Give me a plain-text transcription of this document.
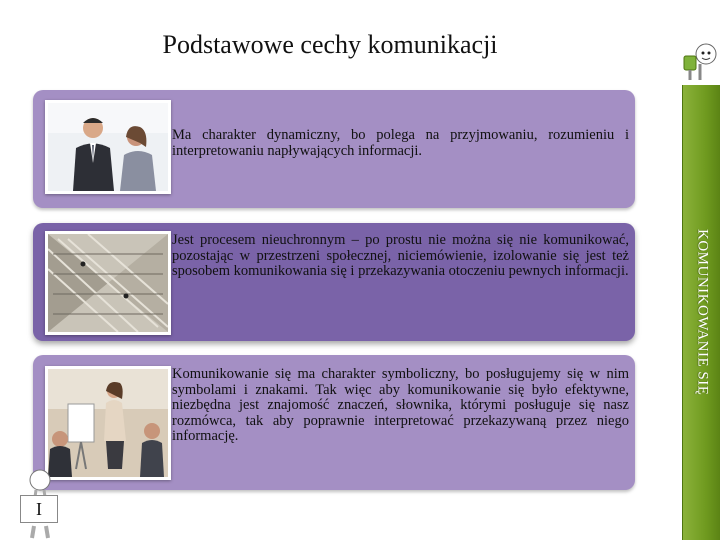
Podstawowe cechy komunikacji
KOMUNIKOWANIE SIĘ
Ma charakter dynamiczny, bo polega na przyjmowaniu, rozumieniu i interpretowaniu napływających informacji.
Jest procesem nieuchronnym – po prostu nie można się nie komunikować, pozostając w przestrzeni społecznej, niciemówienie, izolowanie się jest też sposobem komunikowania się i przekazywania otoczeniu pewnych informacji.
Komunikowanie się ma charakter symboliczny, bo posługujemy się w nim symbolami i znakami. Tak więc aby komunikowanie się było efektywne, niezbędna jest znajomość znaczeń, słownika, którymi posługuje się nasz rozmówca, tak aby poprawnie interpretować przekazywaną przez niego informację.
I
